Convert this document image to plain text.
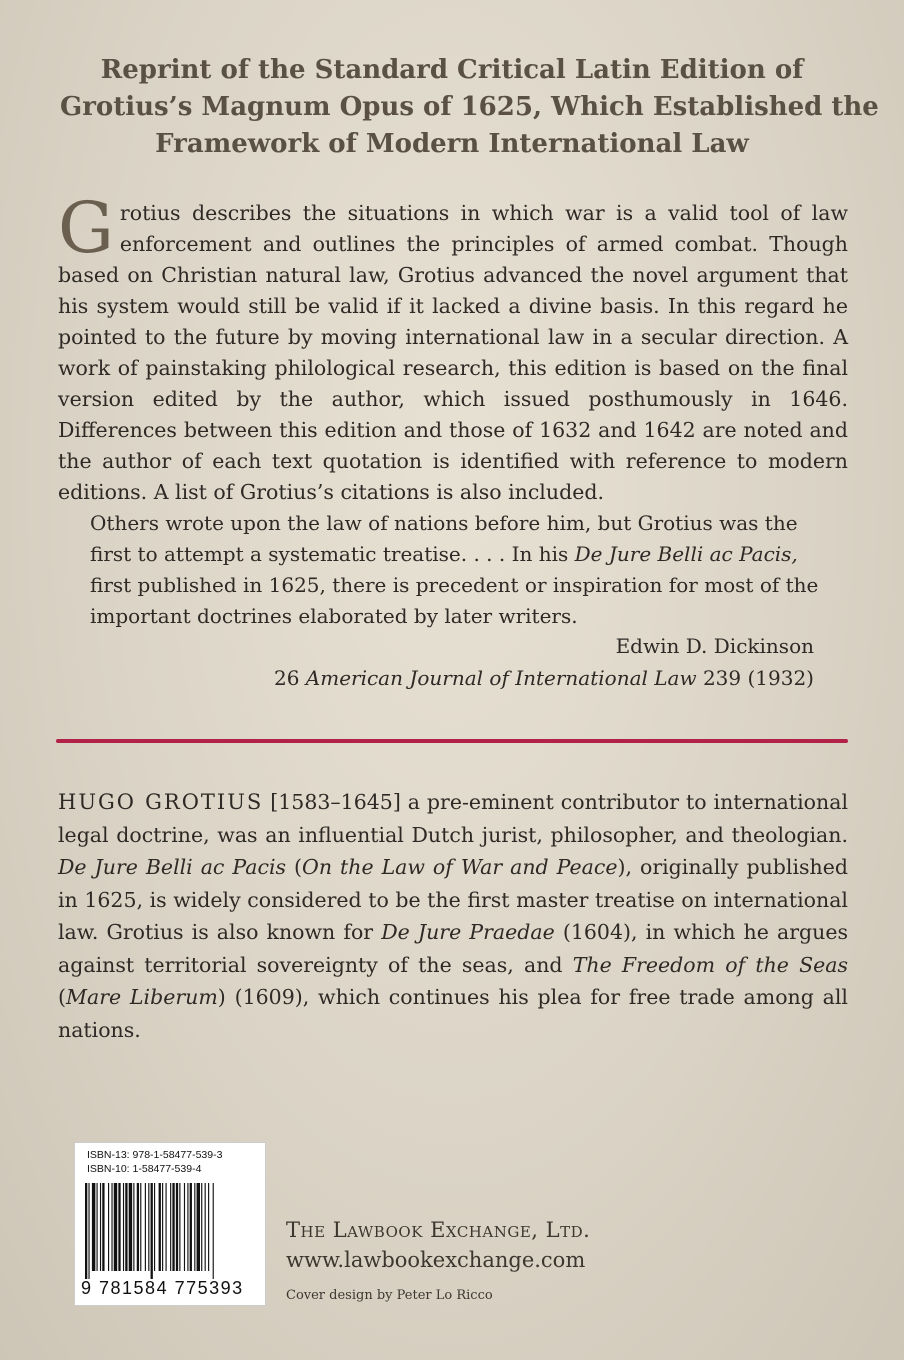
Reprint of the Standard Critical Latin Edition of
Grotius’s Magnum Opus of 1625, Which Established the
Framework of Modern International Law

Grotius describes the situations in which war is a valid tool of law enforcement and outlines the principles of armed combat. Though based on Christian natural law, Grotius advanced the novel argument that his system would still be valid if it lacked a divine basis. In this regard he pointed to the future by moving international law in a secular direction. A work of painstaking philological research, this edition is based on the final version edited by the author, which issued posthumously in 1646. Differences between this edition and those of 1632 and 1642 are noted and the author of each text quotation is identified with reference to modern editions. A list of Grotius’s citations is also included.

Others wrote upon the law of nations before him, but Grotius was the first to attempt a systematic treatise. . . . In his De Jure Belli ac Pacis, first published in 1625, there is precedent or inspiration for most of the important doctrines elaborated by later writers.

Edwin D. Dickinson
26 American Journal of International Law 239 (1932)

HUGO GROTIUS [1583–1645] a pre-eminent contributor to international legal doctrine, was an influential Dutch jurist, philosopher, and theologian. De Jure Belli ac Pacis (On the Law of War and Peace), originally published in 1625, is widely considered to be the first master treatise on international law. Grotius is also known for De Jure Praedae (1604), in which he argues against territorial sovereignty of the seas, and The Freedom of the Seas (Mare Liberum) (1609), which continues his plea for free trade among all nations.

ISBN-13: 978-1-58477-539-3
ISBN-10: 1-58477-539-4
9 781584 775393
The Lawbook Exchange, Ltd.
www.lawbookexchange.com
Cover design by Peter Lo Ricco
